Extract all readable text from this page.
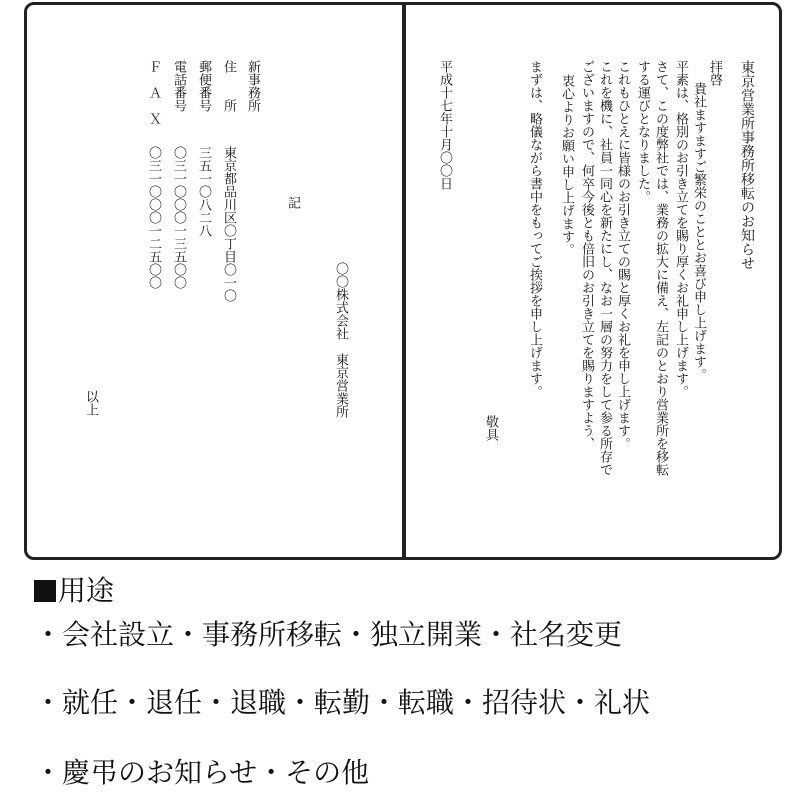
東京営業所事務所移転のお知らせ
拝啓
貴社ますますご繁栄のこととお喜び申し上げます。
平素は、格別のお引き立てを賜り厚くお礼申し上げます。
さて、この度弊社では、業務の拡大に備え、左記のとおり営業所を移転
する運びとなりました。
これもひとえに皆様のお引き立ての賜と厚くお礼を申し上げます。
これを機に、社員一同心を新たにし、なお一層の努力をして参る所存で
ございますので、何卒今後とも倍旧のお引き立てを賜りますよう、
衷心よりお願い申し上げます。
まずは、略儀ながら書中をもってご挨拶を申し上げます。
敬具
平成十七年十月〇〇日
〇〇株式会社　東京営業所
記
新事務所
住　　所
東京都品川区〇丁目〇一〇
郵便番号
三五一〇八二八
電話番号
〇三一〇〇〇一三五〇〇
Ｆ　Ａ　Ｘ
〇三一〇〇〇一二五〇〇
以上
用途
・会社設立・事務所移転・独立開業・社名変更
・就任・退任・退職・転勤・転職・招待状・礼状
・慶弔のお知らせ・その他
